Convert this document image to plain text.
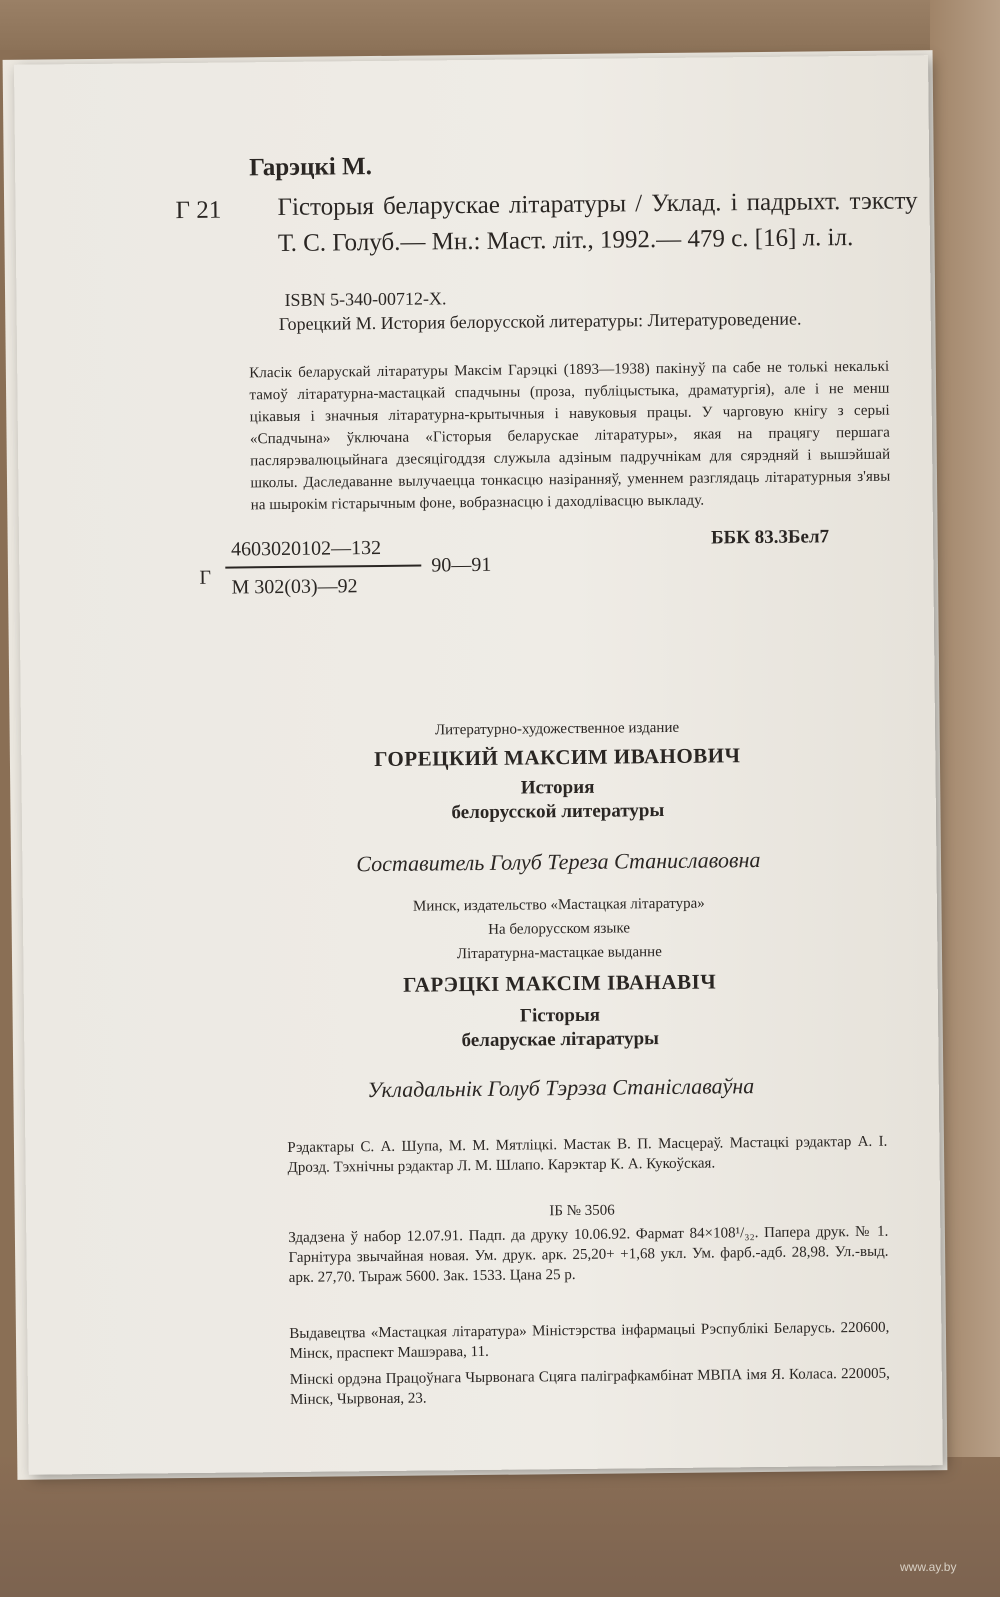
Гарэцкі М.
Г 21 Гісторыя беларускае літаратуры / Уклад. і падрыхт. тэксту Т. С. Голуб.— Мн.: Маст. літ., 1992.— 479 с. [16] л. іл.
ISBN 5-340-00712-X.
Горецкий М. История белорусской литературы: Литературоведение.
Класік беларускай літаратуры Максім Гарэцкі (1893—1938) пакінуў па сабе не толькі некалькі тамоў літаратурна-мастацкай спадчыны (проза, публіцыстыка, драматургія), але і не менш цікавыя і значныя літаратурна-крытычныя і навуковыя працы. У чарговую кнігу з серыі «Спадчына» ўключана «Гісторыя беларускае літаратуры», якая на працягу першага паслярэвалюцыйнага дзесяцігоддзя служыла адзіным падручнікам для сярэдняй і вышэйшай школы. Даследаванне вылучаецца тонкасцю назіранняў, уменнем разглядаць літаратурныя з'явы на шырокім гістарычным фоне, вобразнасцю і даходлівасцю выкладу.
4603020102—132
Г
90—91
М 302(03)—92
ББК 83.3Бел7
Литературно-художественное издание
ГОРЕЦКИЙ МАКСИМ ИВАНОВИЧ
История
белорусской литературы
Составитель Голуб Тереза Станиславовна
Минск, издательство «Мастацкая літаратура»
На белорусском языке
Літаратурна-мастацкае выданне
ГАРЭЦКІ МАКСІМ ІВАНАВІЧ
Гісторыя
беларускае літаратуры
Укладальнік Голуб Тэрэза Станіславаўна
Рэдактары С. А. Шупа, М. М. Мятліцкі. Мастак В. П. Масцераў. Мастацкі рэдактар А. І. Дрозд. Тэхнічны рэдактар Л. М. Шлапо. Карэктар К. А. Кукоўская.
ІБ № 3506
Здадзена ў набор 12.07.91. Падп. да друку 10.06.92. Фармат 84×108¹/₃₂. Папера друк. № 1. Гарнітура звычайная новая. Ум. друк. арк. 25,20+ +1,68 укл. Ум. фарб.-адб. 28,98. Ул.-выд. арк. 27,70. Тыраж 5600. Зак. 1533. Цана 25 р.
Выдавецтва «Мастацкая літаратура» Міністэрства інфармацыі Рэспублікі Беларусь. 220600, Мінск, праспект Машэрава, 11.
Мінскі ордэна Працоўнага Чырвонага Сцяга паліграфкамбінат МВПА імя Я. Коласа. 220005, Мінск, Чырвоная, 23.
www.ay.by
